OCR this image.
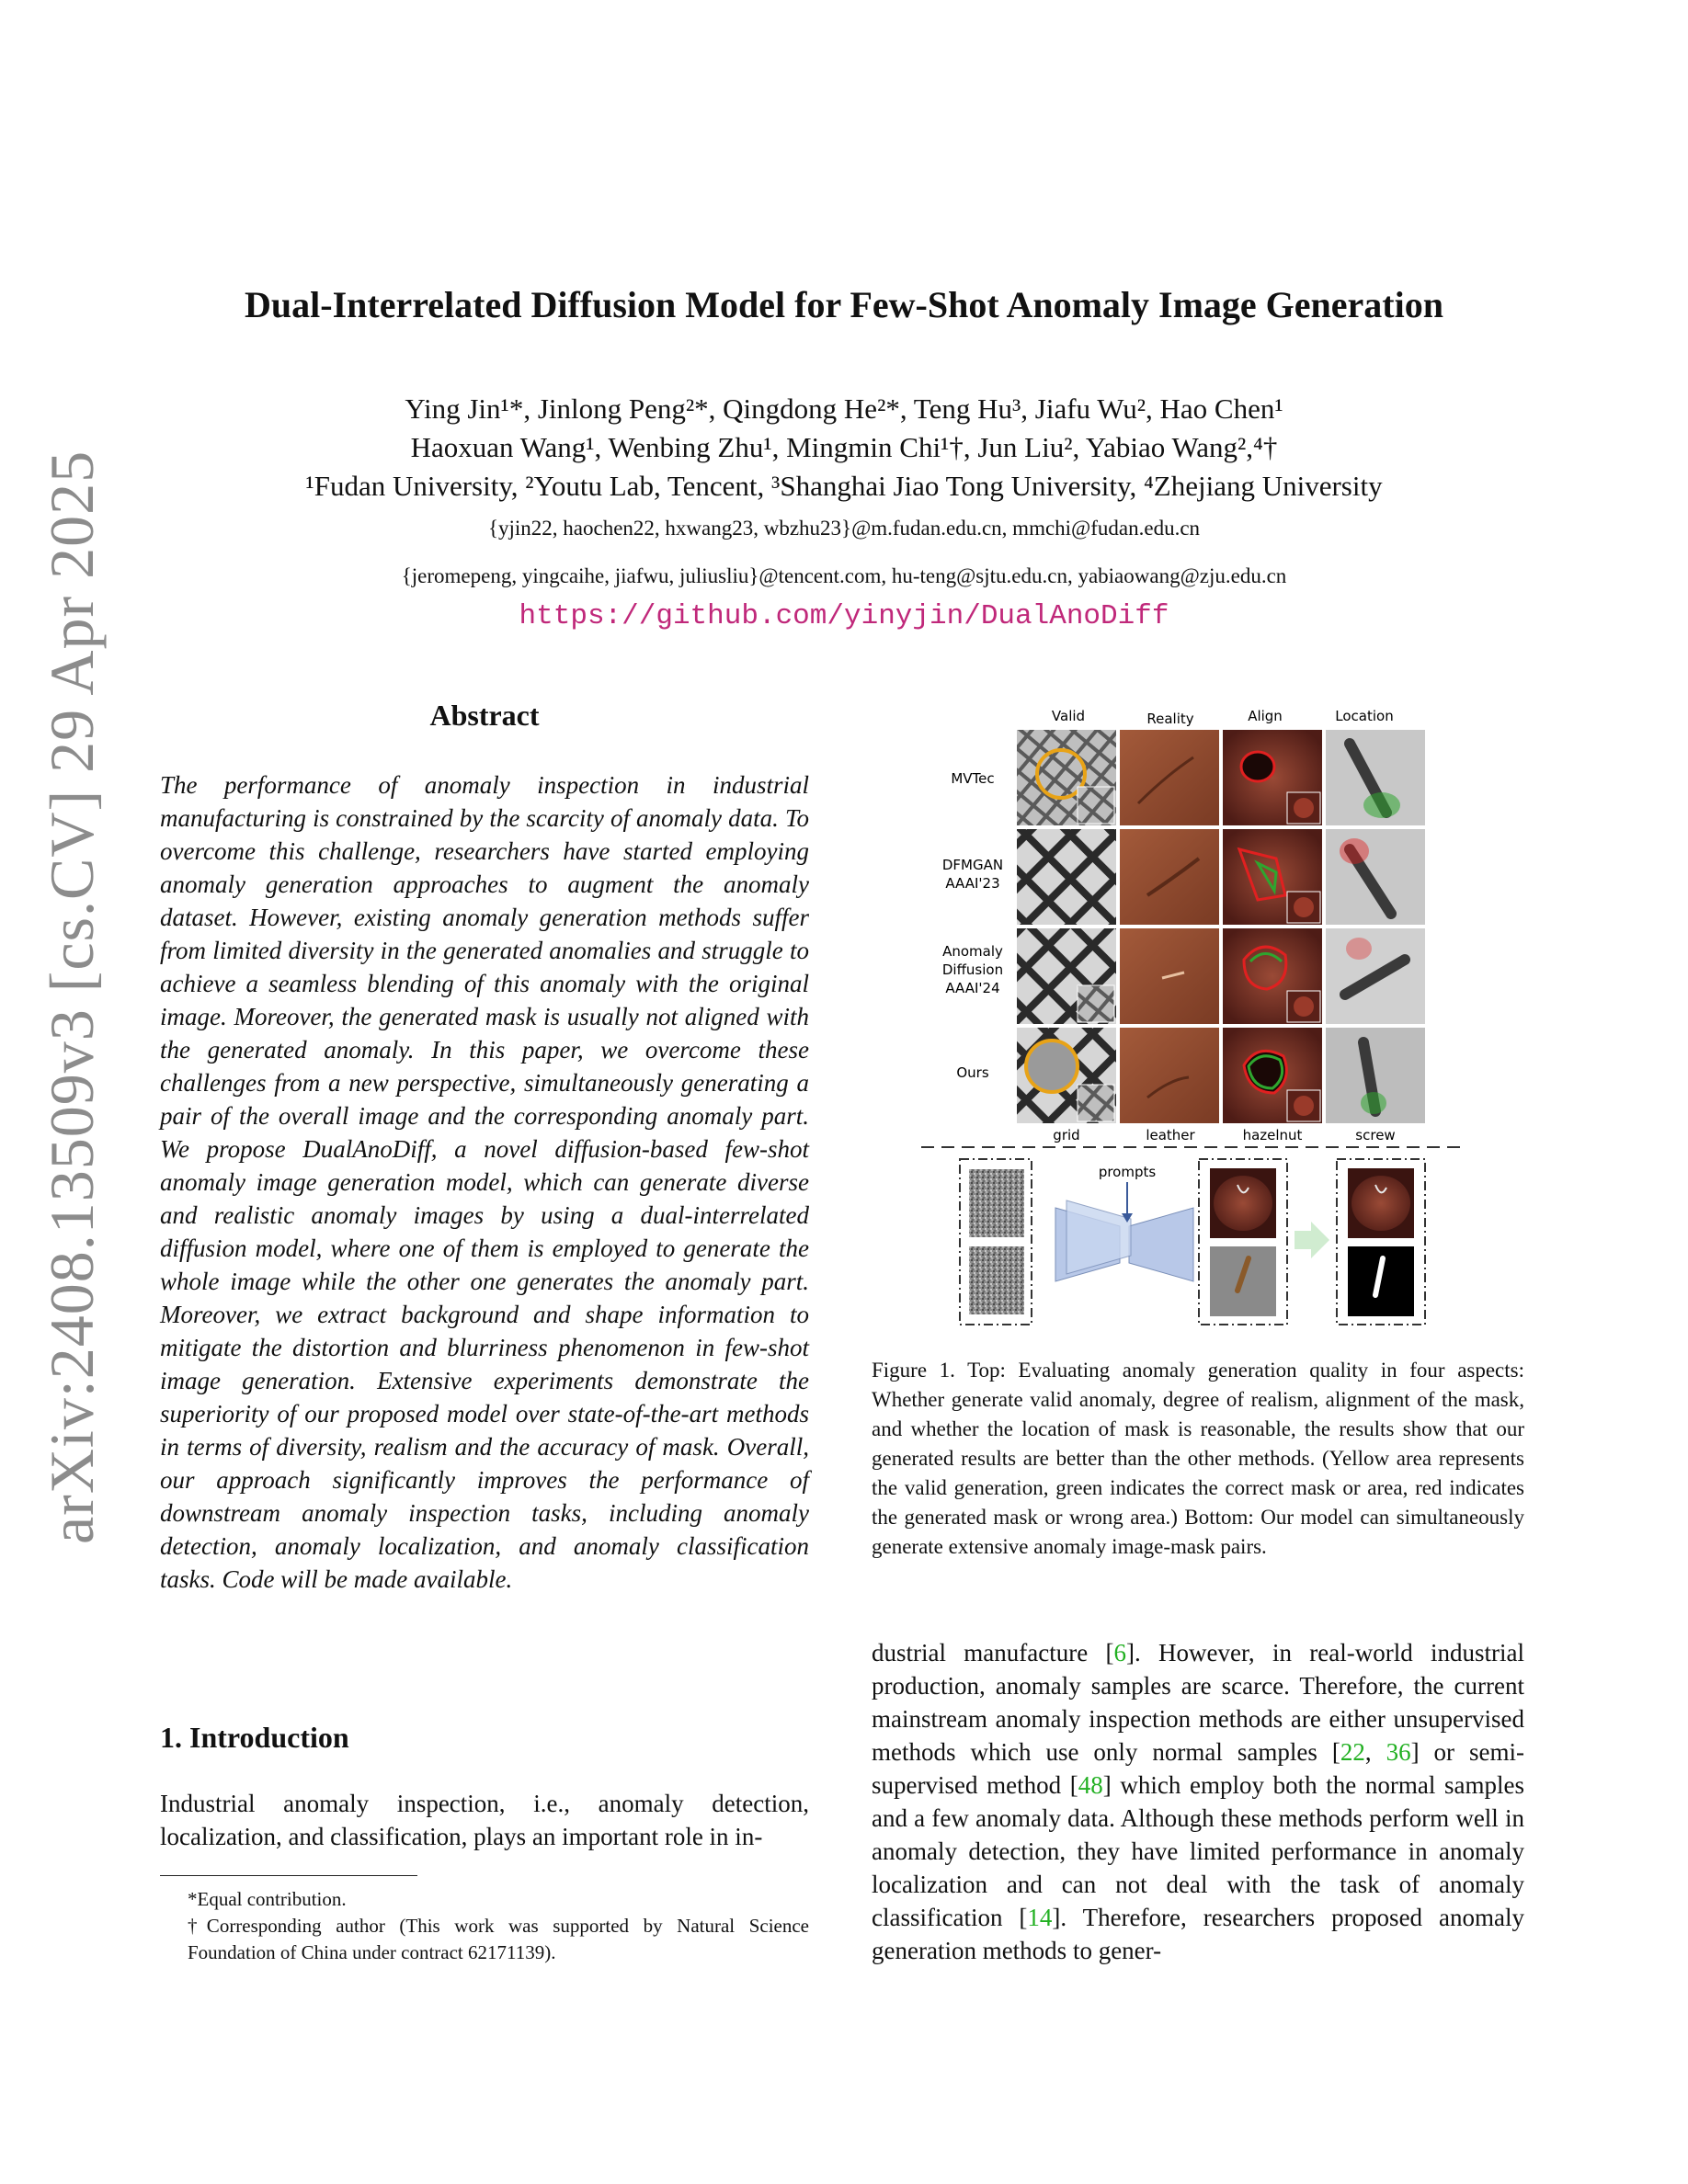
arXiv:2408.13509v3 [cs.CV] 29 Apr 2025
Dual-Interrelated Diffusion Model for Few-Shot Anomaly Image Generation
Ying Jin¹*, Jinlong Peng²*, Qingdong He²*, Teng Hu³, Jiafu Wu², Hao Chen¹
Haoxuan Wang¹, Wenbing Zhu¹, Mingmin Chi¹†, Jun Liu², Yabiao Wang²,⁴†
¹Fudan University, ²Youtu Lab, Tencent, ³Shanghai Jiao Tong University, ⁴Zhejiang University
{yjin22, haochen22, hxwang23, wbzhu23}@m.fudan.edu.cn, mmchi@fudan.edu.cn
{jeromepeng, yingcaihe, jiafwu, juliusliu}@tencent.com, hu-teng@sjtu.edu.cn, yabiaowang@zju.edu.cn
https://github.com/yinyjin/DualAnoDiff
Abstract

The performance of anomaly inspection in industrial manufacturing is constrained by the scarcity of anomaly data. To overcome this challenge, researchers have started employing anomaly generation approaches to augment the anomaly dataset. However, existing anomaly generation methods suffer from limited diversity in the generated anomalies and struggle to achieve a seamless blending of this anomaly with the original image. Moreover, the generated mask is usually not aligned with the generated anomaly. In this paper, we overcome these challenges from a new perspective, simultaneously generating a pair of the overall image and the corresponding anomaly part. We propose DualAnoDiff, a novel diffusion-based few-shot anomaly image generation model, which can generate diverse and realistic anomaly images by using a dual-interrelated diffusion model, where one of them is employed to generate the whole image while the other one generates the anomaly part. Moreover, we extract background and shape information to mitigate the distortion and blurriness phenomenon in few-shot image generation. Extensive experiments demonstrate the superiority of our proposed model over state-of-the-art methods in terms of diversity, realism and the accuracy of mask. Overall, our approach significantly improves the performance of downstream anomaly inspection tasks, including anomaly detection, anomaly localization, and anomaly classification tasks. Code will be made available.

1. Introduction

Industrial anomaly inspection, i.e., anomaly detection, localization, and classification, plays an important role in in-

*Equal contribution.

†Corresponding author (This work was supported by Natural Science Foundation of China under contract 62171139).

Valid	Reality	Align	Location
MVTec
DFMGAN
AAAI'23
Anomaly
Diffusion
AAAI'24
Ours
grid	leather	hazelnut	screw
prompts

Figure 1. Top: Evaluating anomaly generation quality in four aspects: Whether generate valid anomaly, degree of realism, alignment of the mask, and whether the location of mask is reasonable, the results show that our generated results are better than the other methods. (Yellow area represents the valid generation, green indicates the correct mask or area, red indicates the generated mask or wrong area.) Bottom: Our model can simultaneously generate extensive anomaly image-mask pairs.

dustrial manufacture [6]. However, in real-world industrial production, anomaly samples are scarce. Therefore, the current mainstream anomaly inspection methods are either unsupervised methods which use only normal samples [22, 36] or semi-supervised method [48] which employ both the normal samples and a few anomaly data. Although these methods perform well in anomaly detection, they have limited performance in anomaly localization and can not deal with the task of anomaly classification [14]. Therefore, researchers proposed anomaly generation methods to gener-
